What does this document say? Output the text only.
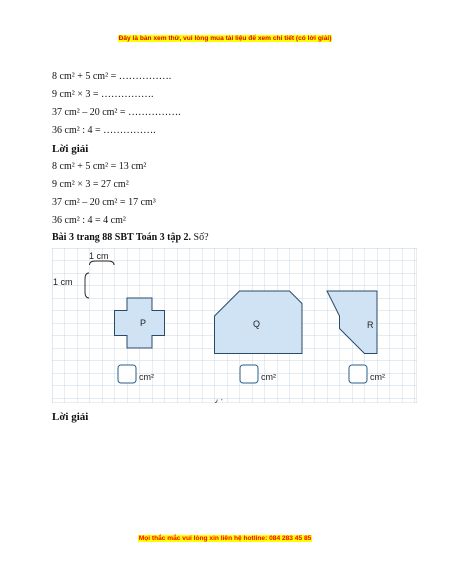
Đây là bản xem thử, vui lòng mua tài liệu để xem chi tiết (có lời giải)
8 cm² + 5 cm² = …………….
9 cm² × 3 = …………….
37 cm² – 20 cm² = …………….
36 cm² : 4 = …………….
Lời giải
8 cm² + 5 cm² = 13 cm²
9 cm² × 3 = 27 cm²
37 cm² – 20 cm² = 17 cm³
36 cm² : 4 = 4 cm²
Bài 3 trang 88 SBT Toán 3 tập 2. Số?
1 cm
1 cm
P	Q	R
cm²	cm²	cm²
٠ ٫
Lời giải
Mọi thắc mắc vui lòng xin liên hệ hotline: 084 283 45 85
